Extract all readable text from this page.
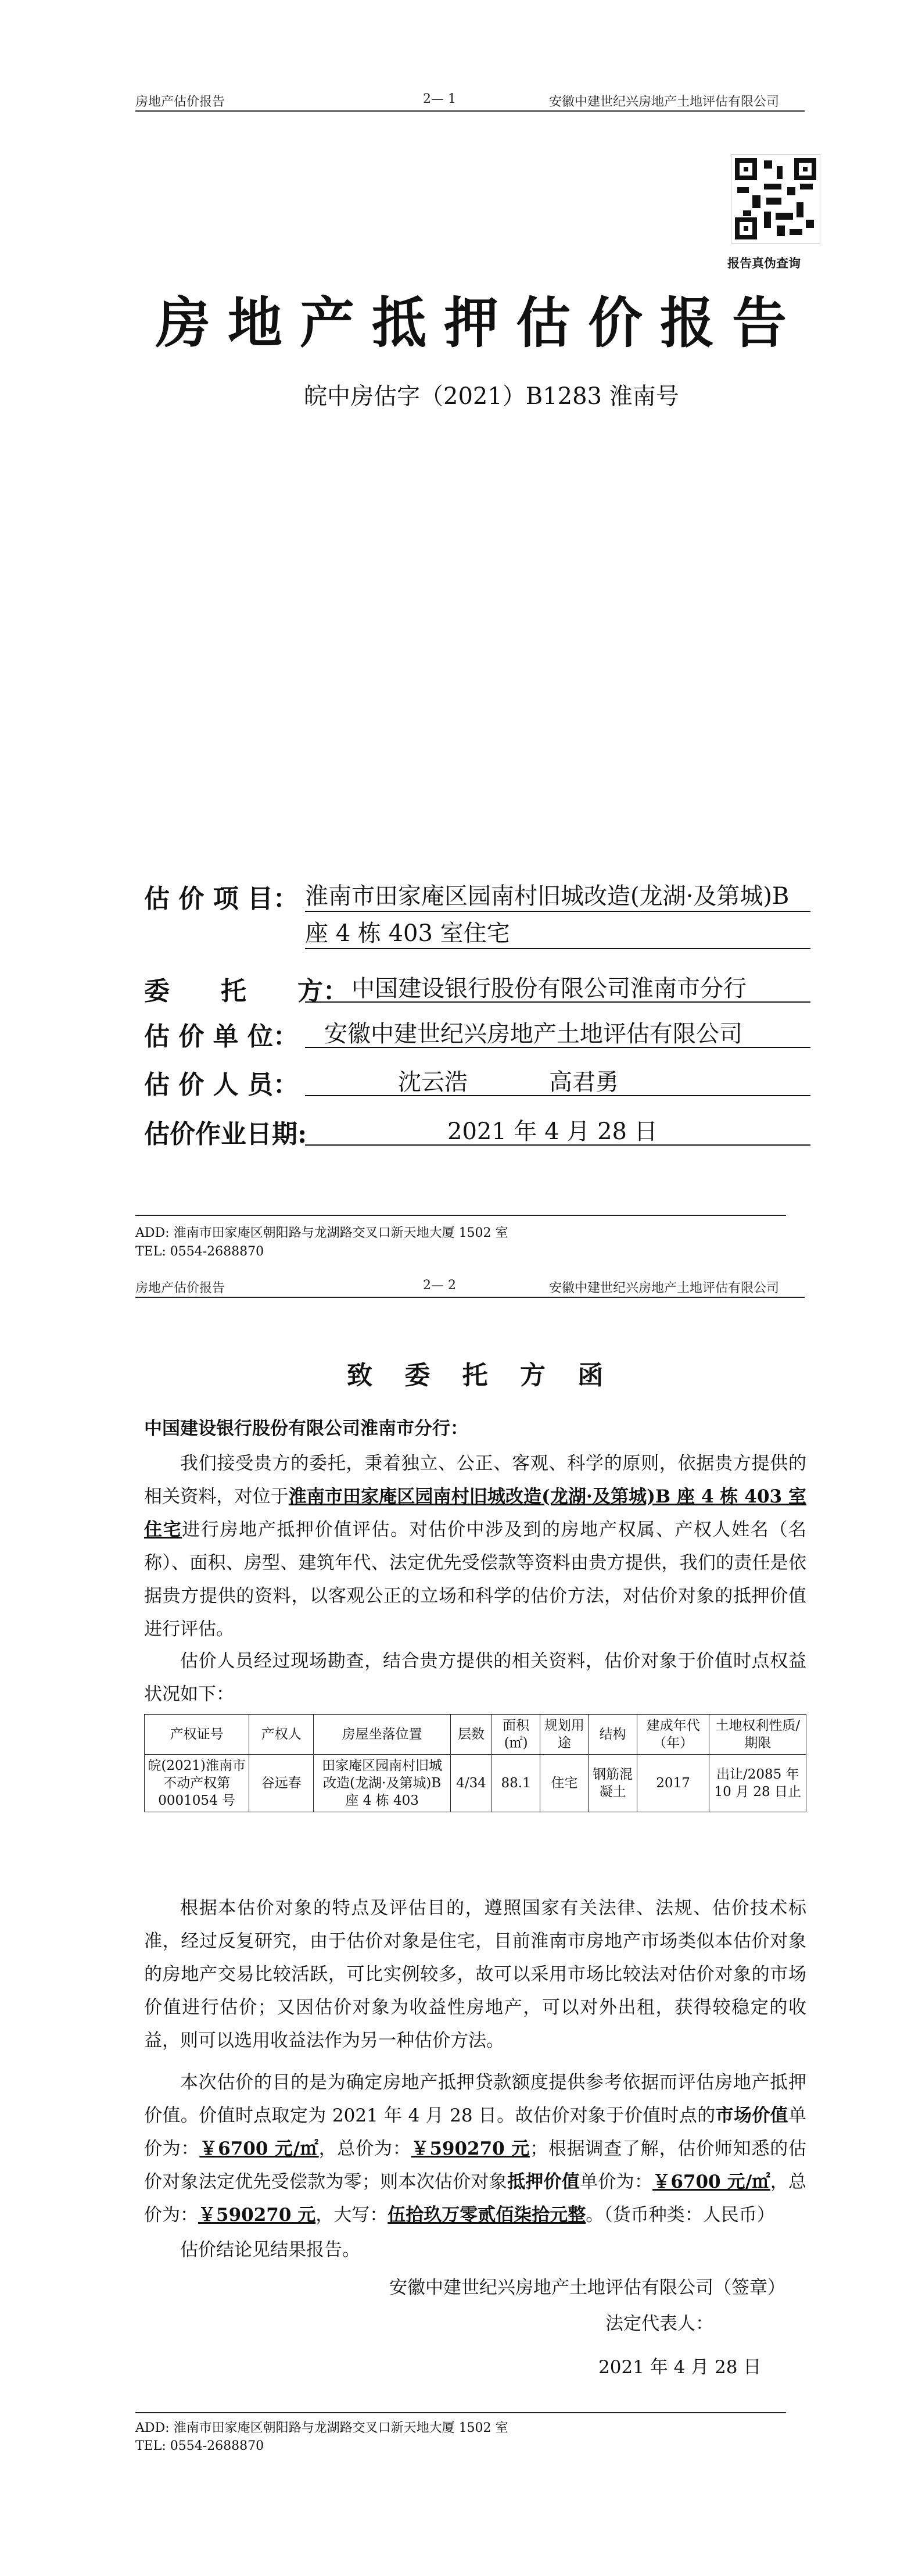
房地产估价报告	2— 1	安徽中建世纪兴房地产土地评估有限公司
报告真伪查询
房地产抵押估价报告
皖中房估字（2021）B1283 淮南号
估 价 项 目： 淮南市田家庵区园南村旧城改造(龙湖·及第城)B
座 4 栋 403 室住宅
委　　托　　方： 中国建设银行股份有限公司淮南市分行
估 价 单 位： 安徽中建世纪兴房地产土地评估有限公司
估 价 人 员：	沈云浩	高君勇
估价作业日期:	2021 年 4 月 28 日
ADD: 淮南市田家庵区朝阳路与龙湖路交叉口新天地大厦 1502 室
TEL: 0554-2688870
房地产估价报告	2— 2	安徽中建世纪兴房地产土地评估有限公司
致 委 托 方 函
中国建设银行股份有限公司淮南市分行：
我们接受贵方的委托，秉着独立、公正、客观、科学的原则，依据贵方提供的相关资料，对位于淮南市田家庵区园南村旧城改造(龙湖·及第城)B 座 4 栋 403 室住宅进行房地产抵押价值评估。对估价中涉及到的房地产权属、产权人姓名（名称）、面积、房型、建筑年代、法定优先受偿款等资料由贵方提供，我们的责任是依据贵方提供的资料，以客观公正的立场和科学的估价方法，对估价对象的抵押价值进行评估。
估价人员经过现场勘查，结合贵方提供的相关资料，估价对象于价值时点权益状况如下：
产权证号	产权人	房屋坐落位置	层数	面积(㎡)	规划用途	结构	建成年代（年）	土地权利性质/期限
皖(2021)淮南市不动产权第 0001054 号	谷远春	田家庵区园南村旧城改造(龙湖·及第城)B 座 4 栋 403	4/34	88.1	住宅	钢筋混凝土	2017	出让/2085 年 10 月 28 日止
根据本估价对象的特点及评估目的，遵照国家有关法律、法规、估价技术标准，经过反复研究，由于估价对象是住宅，目前淮南市房地产市场类似本估价对象的房地产交易比较活跃，可比实例较多，故可以采用市场比较法对估价对象的市场价值进行估价；又因估价对象为收益性房地产，可以对外出租，获得较稳定的收益，则可以选用收益法作为另一种估价方法。
本次估价的目的是为确定房地产抵押贷款额度提供参考依据而评估房地产抵押价值。价值时点取定为 2021 年 4 月 28 日。故估价对象于价值时点的市场价值单价为：￥6700 元/㎡，总价为：￥590270 元；根据调查了解，估价师知悉的估价对象法定优先受偿款为零；则本次估价对象抵押价值单价为：￥6700 元/㎡，总价为：￥590270 元，大写：伍拾玖万零贰佰柒拾元整。（货币种类：人民币）
估价结论见结果报告。
安徽中建世纪兴房地产土地评估有限公司（签章）
法定代表人：
2021 年 4 月 28 日
ADD: 淮南市田家庵区朝阳路与龙湖路交叉口新天地大厦 1502 室
TEL: 0554-2688870
